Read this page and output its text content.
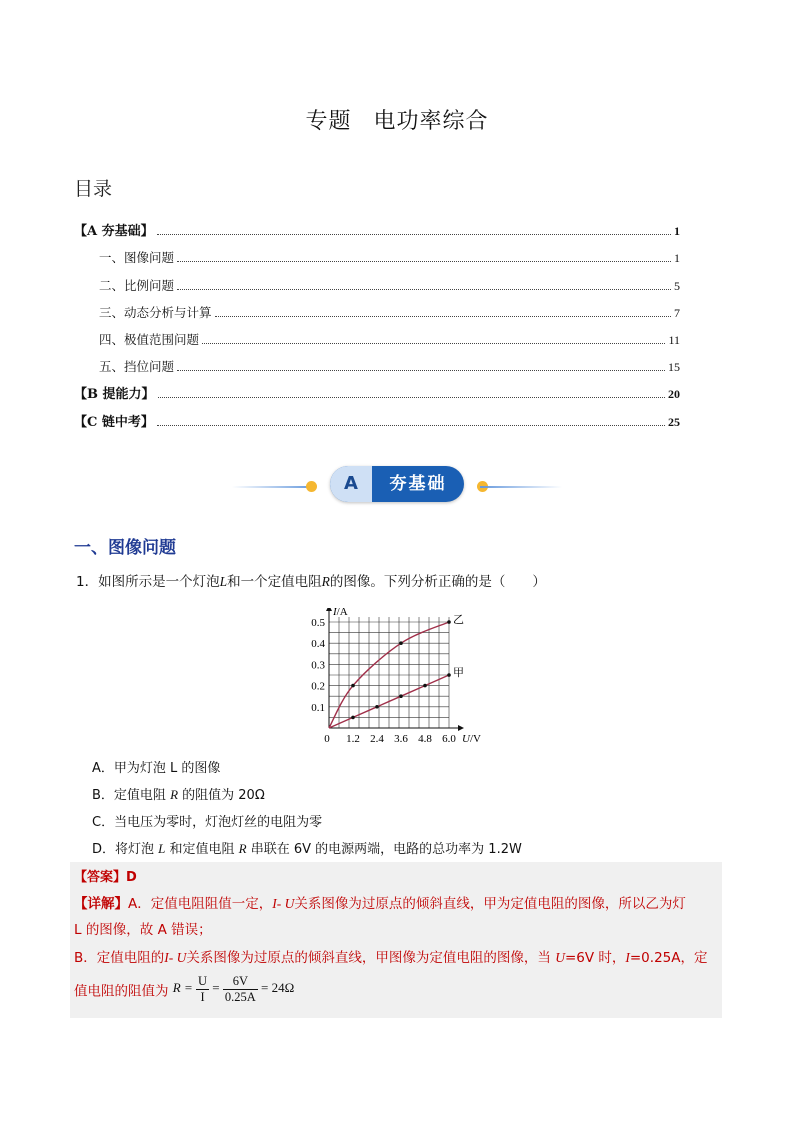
专题 电功率综合
目录
【A 夯基础】	1
一、图像问题	1
二、比例问题	5
三、动态分析与计算	7
四、极值范围问题	11
五、挡位问题	15
【B 提能力】	20
【C 链中考】	25
A	夯基础
一、图像问题
1．如图所示是一个灯泡L和一个定值电阻R的图像。下列分析正确的是（　　）
0 1.2 2.4 3.6 4.8 6.0
0.1
0.2
0.3
0.4
0.5
U/V
I/A
甲
乙
A．甲为灯泡 L 的图像
B．定值电阻 R 的阻值为 20Ω
C．当电压为零时，灯泡灯丝的电阻为零
D．将灯泡 L 和定值电阻 R 串联在 6V 的电源两端，电路的总功率为 1.2W
【答案】D
【详解】A．定值电阻阻值一定，I- U关系图像为过原点的倾斜直线，甲为定值电阻的图像，所以乙为灯
L 的图像，故 A 错误；
B．定值电阻的I- U关系图像为过原点的倾斜直线，甲图像为定值电阻的图像，当 U=6V 时，I=0.25A，定
值电阻的阻值为 $R = \frac{U}{I} = \frac{6V}{0.25A} = 24\Omega$
